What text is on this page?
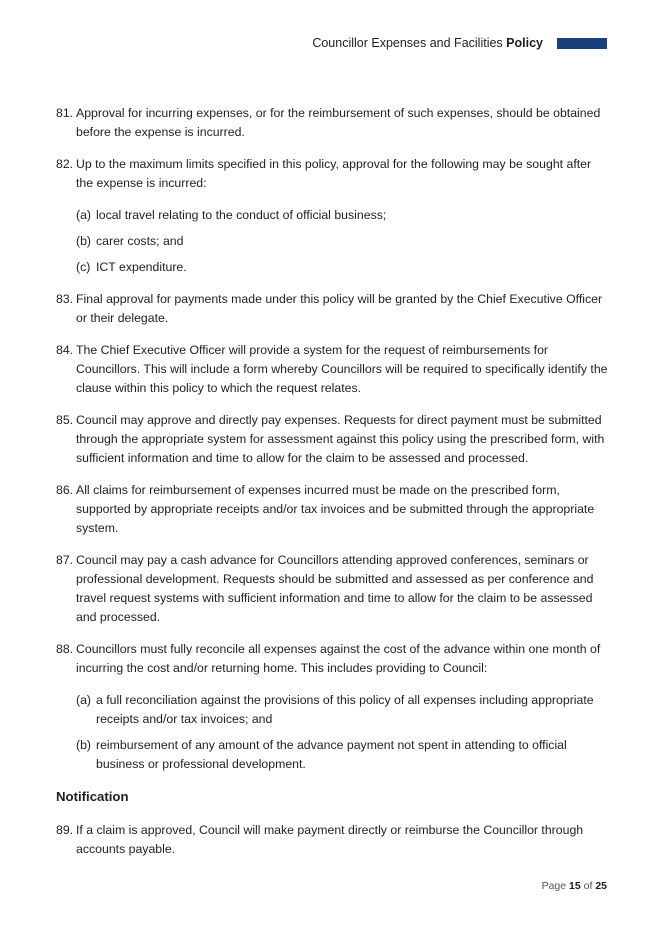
Councillor Expenses and Facilities Policy
81. Approval for incurring expenses, or for the reimbursement of such expenses, should be obtained before the expense is incurred.
82. Up to the maximum limits specified in this policy, approval for the following may be sought after the expense is incurred:
(a) local travel relating to the conduct of official business;
(b) carer costs; and
(c) ICT expenditure.
83. Final approval for payments made under this policy will be granted by the Chief Executive Officer or their delegate.
84. The Chief Executive Officer will provide a system for the request of reimbursements for Councillors. This will include a form whereby Councillors will be required to specifically identify the clause within this policy to which the request relates.
85. Council may approve and directly pay expenses. Requests for direct payment must be submitted through the appropriate system for assessment against this policy using the prescribed form, with sufficient information and time to allow for the claim to be assessed and processed.
86. All claims for reimbursement of expenses incurred must be made on the prescribed form, supported by appropriate receipts and/or tax invoices and be submitted through the appropriate system.
87. Council may pay a cash advance for Councillors attending approved conferences, seminars or professional development. Requests should be submitted and assessed as per conference and travel request systems with sufficient information and time to allow for the claim to be assessed and processed.
88. Councillors must fully reconcile all expenses against the cost of the advance within one month of incurring the cost and/or returning home. This includes providing to Council:
(a) a full reconciliation against the provisions of this policy of all expenses including appropriate receipts and/or tax invoices; and
(b) reimbursement of any amount of the advance payment not spent in attending to official business or professional development.
Notification
89. If a claim is approved, Council will make payment directly or reimburse the Councillor through accounts payable.
Page 15 of 25
